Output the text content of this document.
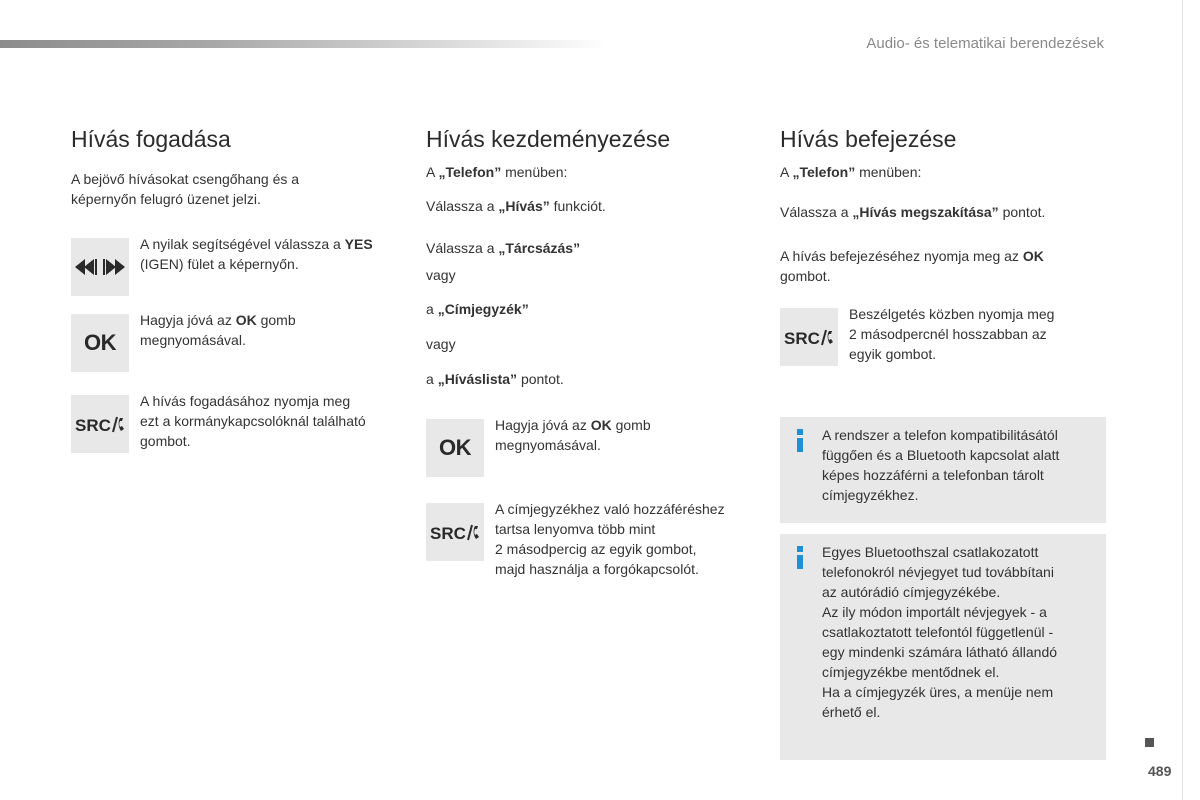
Audio- és telematikai berendezések
Hívás fogadása

A bejövő hívásokat csengőhang és a
képernyőn felugró üzenet jelzi.

A nyilak segítségével válassza a YES
(IGEN) fület a képernyőn.
OK
Hagyja jóvá az OK gomb
megnyomásával.
SRC
A hívás fogadásához nyomja meg
ezt a kormánykapcsolóknál található
gombot.
Hívás kezdeményezése

A „Telefon” menüben:

Válassza a „Hívás” funkciót.

Válassza a „Tárcsázás”

vagy

a „Címjegyzék”

vagy

a „Híváslista” pontot.

OK
Hagyja jóvá az OK gomb
megnyomásával.
SRC
A címjegyzékhez való hozzáféréshez
tartsa lenyomva több mint
2 másodpercig az egyik gombot,
majd használja a forgókapcsolót.
Hívás befejezése

A „Telefon” menüben:

Válassza a „Hívás megszakítása” pontot.

A hívás befejezéséhez nyomja meg az OK
gombot.

SRC
Beszélgetés közben nyomja meg
2 másodpercnél hosszabban az
egyik gombot.
A rendszer a telefon kompatibilitásától
függően és a Bluetooth kapcsolat alatt
képes hozzáférni a telefonban tárolt
címjegyzékhez.
Egyes Bluetoothszal csatlakozatott
telefonokról névjegyet tud továbbítani
az autórádió címjegyzékébe.
Az ily módon importált névjegyek - a
csatlakoztatott telefontól függetlenül -
egy mindenki számára látható állandó
címjegyzékbe mentődnek el.
Ha a címjegyzék üres, a menüje nem
érhető el.
489
